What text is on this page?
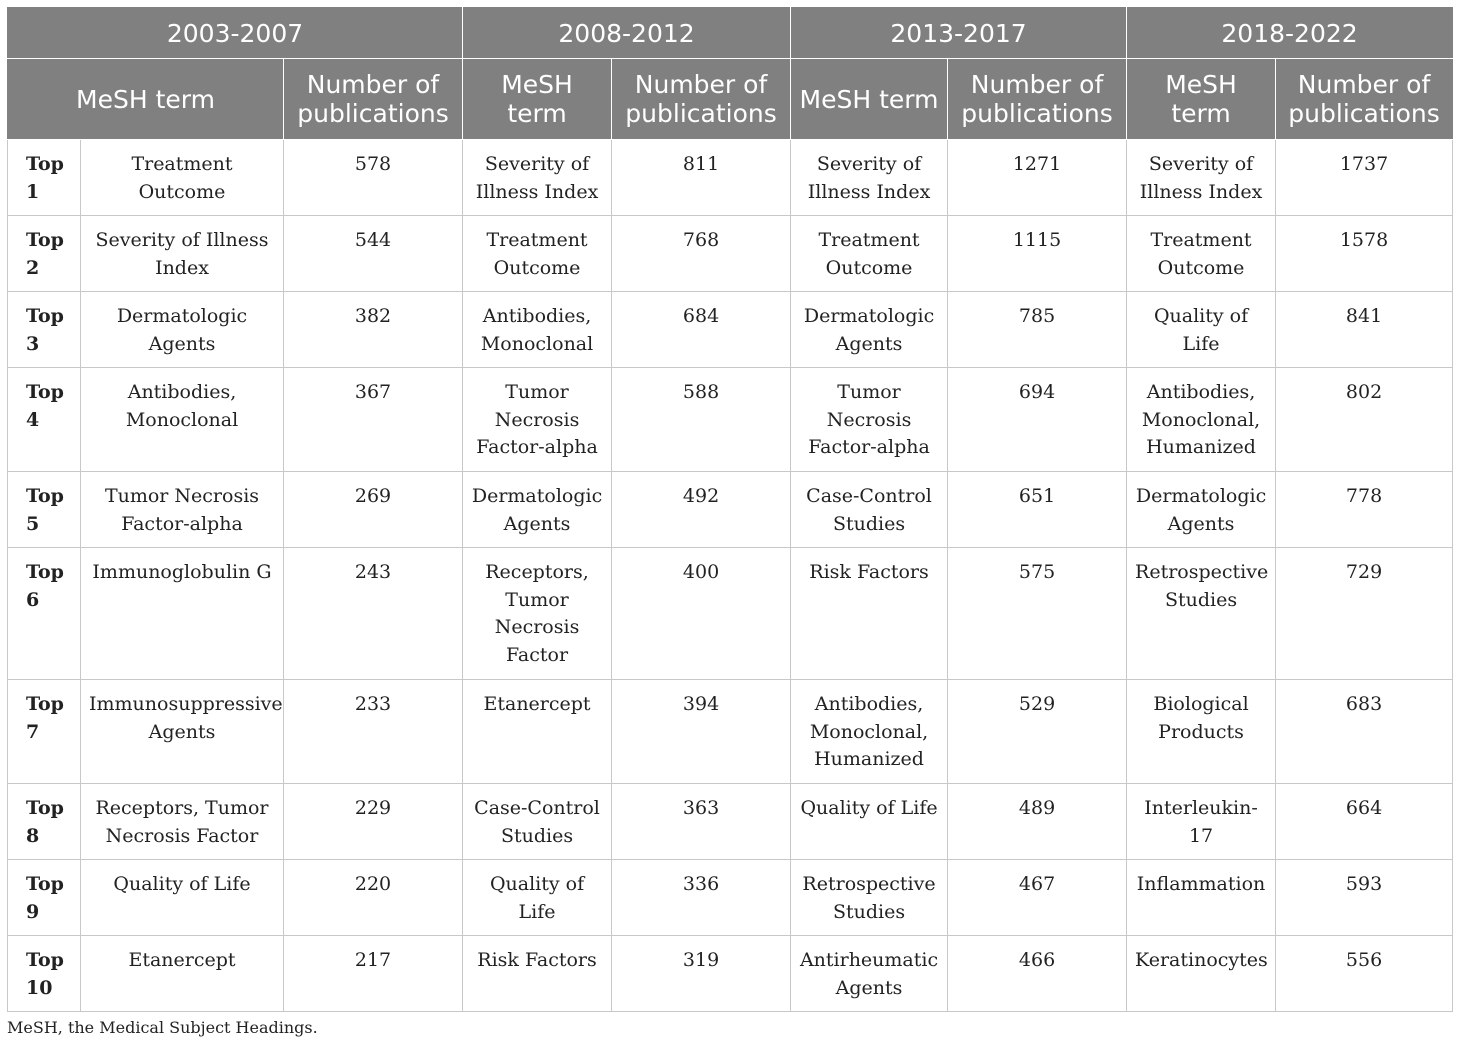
2003-2007			2008-2012		2013-2017		2018-2022	
MeSH term		Number of publications	MeSH term	Number of publications	MeSH term	Number of publications	MeSH term	Number of publications
Top 1	Treatment Outcome	578	Severity of Illness Index	811	Severity of Illness Index	1271	Severity of Illness Index	1737
Top 2	Severity of Illness Index	544	Treatment Outcome	768	Treatment Outcome	1115	Treatment Outcome	1578
Top 3	Dermatologic Agents	382	Antibodies, Monoclonal	684	Dermatologic Agents	785	Quality of Life	841
Top 4	Antibodies, Monoclonal	367	Tumor Necrosis Factor-alpha	588	Tumor Necrosis Factor-alpha	694	Antibodies, Monoclonal, Humanized	802
Top 5	Tumor Necrosis Factor-alpha	269	Dermatologic Agents	492	Case-Control Studies	651	Dermatologic Agents	778
Top 6	Immunoglobulin G	243	Receptors, Tumor Necrosis Factor	400	Risk Factors	575	Retrospective Studies	729
Top 7	Immunosuppressive Agents	233	Etanercept	394	Antibodies, Monoclonal, Humanized	529	Biological Products	683
Top 8	Receptors, Tumor Necrosis Factor	229	Case-Control Studies	363	Quality of Life	489	Interleukin-17	664
Top 9	Quality of Life	220	Quality of Life	336	Retrospective Studies	467	Inflammation	593
Top 10	Etanercept	217	Risk Factors	319	Antirheumatic Agents	466	Keratinocytes	556
MeSH, the Medical Subject Headings.
